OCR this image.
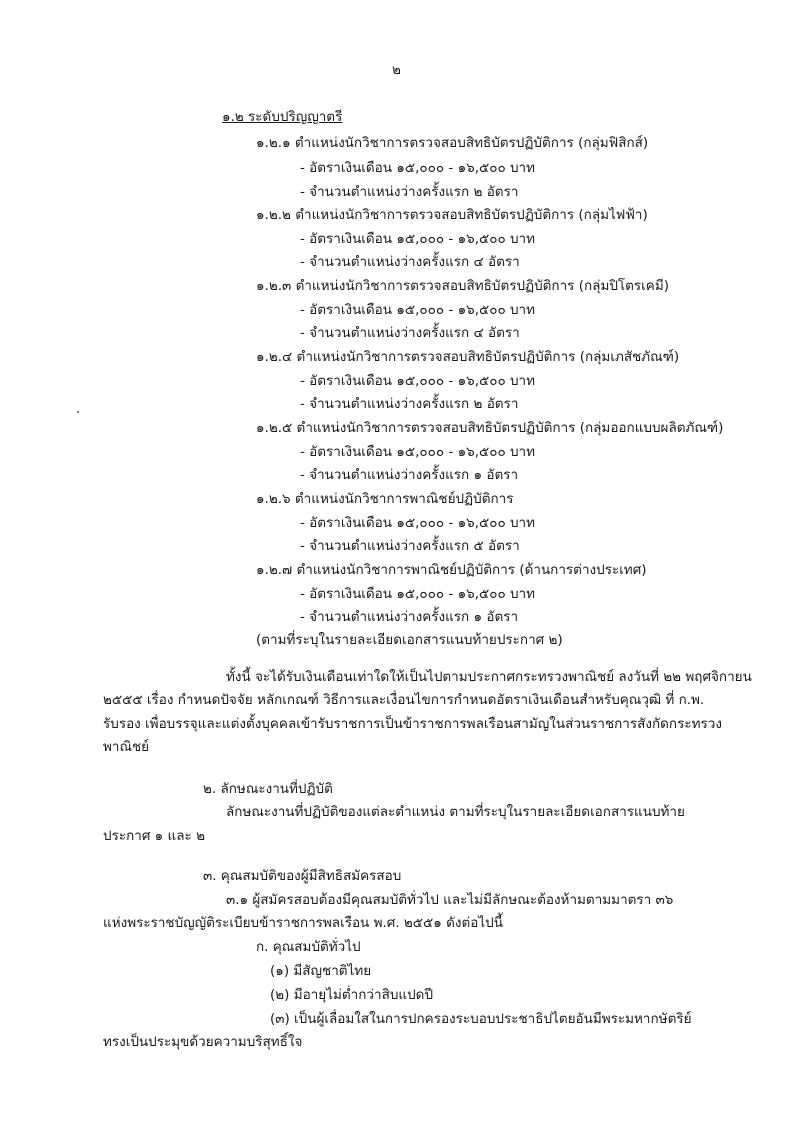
๒
๑.๒ ระดับปริญญาตรี
๑.๒.๑ ตำแหน่งนักวิชาการตรวจสอบสิทธิบัตรปฏิบัติการ (กลุ่มฟิสิกส์)
- อัตราเงินเดือน ๑๕,๐๐๐ - ๑๖,๕๐๐ บาท
- จำนวนตำแหน่งว่างครั้งแรก ๒ อัตรา
๑.๒.๒ ตำแหน่งนักวิชาการตรวจสอบสิทธิบัตรปฏิบัติการ (กลุ่มไฟฟ้า)
- อัตราเงินเดือน ๑๕,๐๐๐ - ๑๖,๕๐๐ บาท
- จำนวนตำแหน่งว่างครั้งแรก ๔ อัตรา
๑.๒.๓ ตำแหน่งนักวิชาการตรวจสอบสิทธิบัตรปฏิบัติการ (กลุ่มปิโตรเคมี)
- อัตราเงินเดือน ๑๕,๐๐๐ - ๑๖,๕๐๐ บาท
- จำนวนตำแหน่งว่างครั้งแรก ๔ อัตรา
๑.๒.๔ ตำแหน่งนักวิชาการตรวจสอบสิทธิบัตรปฏิบัติการ (กลุ่มเภสัชภัณฑ์)
- อัตราเงินเดือน ๑๕,๐๐๐ - ๑๖,๕๐๐ บาท
- จำนวนตำแหน่งว่างครั้งแรก ๒ อัตรา
๑.๒.๕ ตำแหน่งนักวิชาการตรวจสอบสิทธิบัตรปฏิบัติการ (กลุ่มออกแบบผลิตภัณฑ์)
- อัตราเงินเดือน ๑๕,๐๐๐ - ๑๖,๕๐๐ บาท
- จำนวนตำแหน่งว่างครั้งแรก ๑ อัตรา
๑.๒.๖ ตำแหน่งนักวิชาการพาณิชย์ปฏิบัติการ
- อัตราเงินเดือน ๑๕,๐๐๐ - ๑๖,๕๐๐ บาท
- จำนวนตำแหน่งว่างครั้งแรก ๕ อัตรา
๑.๒.๗ ตำแหน่งนักวิชาการพาณิชย์ปฏิบัติการ (ด้านการต่างประเทศ)
- อัตราเงินเดือน ๑๕,๐๐๐ - ๑๖,๕๐๐ บาท
- จำนวนตำแหน่งว่างครั้งแรก ๑ อัตรา
(ตามที่ระบุในรายละเอียดเอกสารแนบท้ายประกาศ ๒)
ทั้งนี้ จะได้รับเงินเดือนเท่าใดให้เป็นไปตามประกาศกระทรวงพาณิชย์ ลงวันที่ ๒๒ พฤศจิกายน
๒๕๕๕ เรื่อง กำหนดปัจจัย หลักเกณฑ์ วิธีการและเงื่อนไขการกำหนดอัตราเงินเดือนสำหรับคุณวุฒิ ที่ ก.พ.
รับรอง เพื่อบรรจุและแต่งตั้งบุคคลเข้ารับราชการเป็นข้าราชการพลเรือนสามัญในส่วนราชการสังกัดกระทรวง
พาณิชย์
๒. ลักษณะงานที่ปฏิบัติ
ลักษณะงานที่ปฏิบัติของแต่ละตำแหน่ง ตามที่ระบุในรายละเอียดเอกสารแนบท้าย
ประกาศ ๑ และ ๒
๓. คุณสมบัติของผู้มีสิทธิสมัครสอบ
๓.๑ ผู้สมัครสอบต้องมีคุณสมบัติทั่วไป และไม่มีลักษณะต้องห้ามตามมาตรา ๓๖
แห่งพระราชบัญญัติระเบียบข้าราชการพลเรือน พ.ศ. ๒๕๕๑ ดังต่อไปนี้
ก. คุณสมบัติทั่วไป
(๑) มีสัญชาติไทย
(๒) มีอายุไม่ต่ำกว่าสิบแปดปี
(๓) เป็นผู้เลื่อมใสในการปกครองระบอบประชาธิปไตยอันมีพระมหากษัตริย์
ทรงเป็นประมุขด้วยความบริสุทธิ์ใจ
